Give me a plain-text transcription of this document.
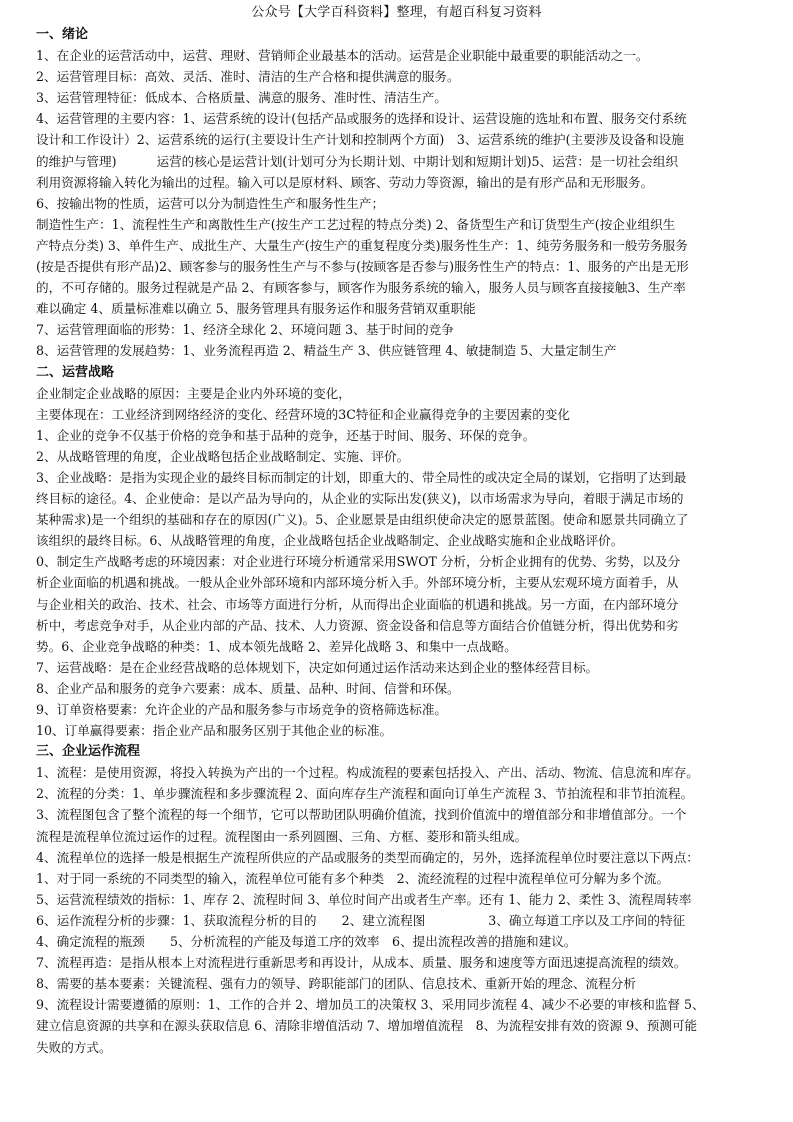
公众号【大学百科资料】整理，有超百科复习资料

一、绪论

1、在企业的运营活动中，运营、理财、营销师企业最基本的活动。运营是企业职能中最重要的职能活动之一。

2、运营管理目标：高效、灵活、准时、清洁的生产合格和提供满意的服务。

3、运营管理特征：低成本、合格质量、满意的服务、准时性、清洁生产。

4、运营管理的主要内容：1、运营系统的设计(包括产品或服务的选择和设计、运营设施的选址和布置、服务交付系统

设计和工作设计）2、运营系统的运行(主要设计生产计划和控制两个方面)　3、运营系统的维护(主要涉及设备和设施

的维护与管理)	运营的核心是运营计划(计划可分为长期计划、中期计划和短期计划)5、运营：是一切社会组织

利用资源将输入转化为输出的过程。输入可以是原材料、顾客、劳动力等资源，输出的是有形产品和无形服务。

6、按输出物的性质，运营可以分为制造性生产和服务性生产；

制造性生产：1、流程性生产和离散性生产(按生产工艺过程的特点分类) 2、备货型生产和订货型生产(按企业组织生

产特点分类) 3、单件生产、成批生产、大量生产(按生产的重复程度分类)服务性生产：1、纯劳务服务和一般劳务服务

(按是否提供有形产品)2、顾客参与的服务性生产与不参与(按顾客是否参与)服务性生产的特点：1、服务的产出是无形

的，不可存储的。服务过程就是产品 2、有顾客参与，顾客作为服务系统的输入，服务人员与顾客直接接触3、生产率

难以确定 4、质量标准难以确立 5、服务管理具有服务运作和服务营销双重职能

7、运营管理面临的形势：1、经济全球化 2、环境问题 3、基于时间的竞争

8、运营管理的发展趋势：1、业务流程再造 2、精益生产 3、供应链管理 4、敏捷制造 5、大量定制生产

二、运营战略

企业制定企业战略的原因：主要是企业内外环境的变化，

主要体现在：工业经济到网络经济的变化、经营环境的3C特征和企业赢得竞争的主要因素的变化

1、企业的竞争不仅基于价格的竞争和基于品种的竞争，还基于时间、服务、环保的竞争。

2、从战略管理的角度，企业战略包括企业战略制定、实施、评价。

3、企业战略：是指为实现企业的最终目标而制定的计划，即重大的、带全局性的或决定全局的谋划，它指明了达到最

终目标的途径。4、企业使命：是以产品为导向的，从企业的实际出发(狭义)，以市场需求为导向，着眼于满足市场的

某种需求)是一个组织的基础和存在的原因(广义)。5、企业愿景是由组织使命决定的愿景蓝图。使命和愿景共同确立了

该组织的最终目标。6、从战略管理的角度，企业战略包括企业战略制定、企业战略实施和企业战略评价。

0、制定生产战略考虑的环境因素：对企业进行环境分析通常采用SWOT 分析，分析企业拥有的优势、劣势，以及分

析企业面临的机遇和挑战。一般从企业外部环境和内部环境分析入手。外部环境分析，主要从宏观环境方面着手，从

与企业相关的政治、技术、社会、市场等方面进行分析，从而得出企业面临的机遇和挑战。另一方面，在内部环境分

析中，考虑竞争对手，从企业内部的产品、技术、人力资源、资金设备和信息等方面结合价值链分析，得出优势和劣

势。6、企业竞争战略的种类：1、成本领先战略 2、差异化战略 3、和集中一点战略。

7、运营战略：是在企业经营战略的总体规划下，决定如何通过运作活动来达到企业的整体经营目标。

8、企业产品和服务的竞争六要素：成本、质量、品种、时间、信誉和环保。

9、订单资格要素：允许企业的产品和服务参与市场竞争的资格筛选标准。

10、订单赢得要素：指企业产品和服务区别于其他企业的标准。

三、企业运作流程

1、流程：是使用资源，将投入转换为产出的一个过程。构成流程的要素包括投入、产出、活动、物流、信息流和库存。

2、流程的分类：1、单步骤流程和多步骤流程 2、面向库存生产流程和面向订单生产流程 3、节拍流程和非节拍流程。

3、流程图包含了整个流程的每一个细节，它可以帮助团队明确价值流，找到价值流中的增值部分和非增值部分。一个

流程是流程单位流过运作的过程。流程图由一系列圆圈、三角、方框、菱形和箭头组成。

4、流程单位的选择一般是根据生产流程所供应的产品或服务的类型而确定的，另外，选择流程单位时要注意以下两点：

1、对于同一系统的不同类型的输入，流程单位可能有多个种类　2、流经流程的过程中流程单位可分解为多个流。

5、运营流程绩效的指标：1、库存 2、流程时间 3、单位时间产出或者生产率。还有 1、能力 2、柔性 3、流程周转率

6、运作流程分析的步骤：1、获取流程分析的目的　　2、建立流程图　　　　　3、确立每道工序以及工序间的特征

4、确定流程的瓶颈　　5、分析流程的产能及每道工序的效率　6、提出流程改善的措施和建议。

7、流程再造：是指从根本上对流程进行重新思考和再设计，从成本、质量、服务和速度等方面迅速提高流程的绩效。

8、需要的基本要素：关键流程、强有力的领导、跨职能部门的团队、信息技术、重新开始的理念、流程分析

9、流程设计需要遵循的原则：1、工作的合并 2、增加员工的决策权 3、采用同步流程 4、减少不必要的审核和监督 5、

建立信息资源的共享和在源头获取信息 6、清除非增值活动 7、增加增值流程　8、为流程安排有效的资源 9、预测可能

失败的方式。
